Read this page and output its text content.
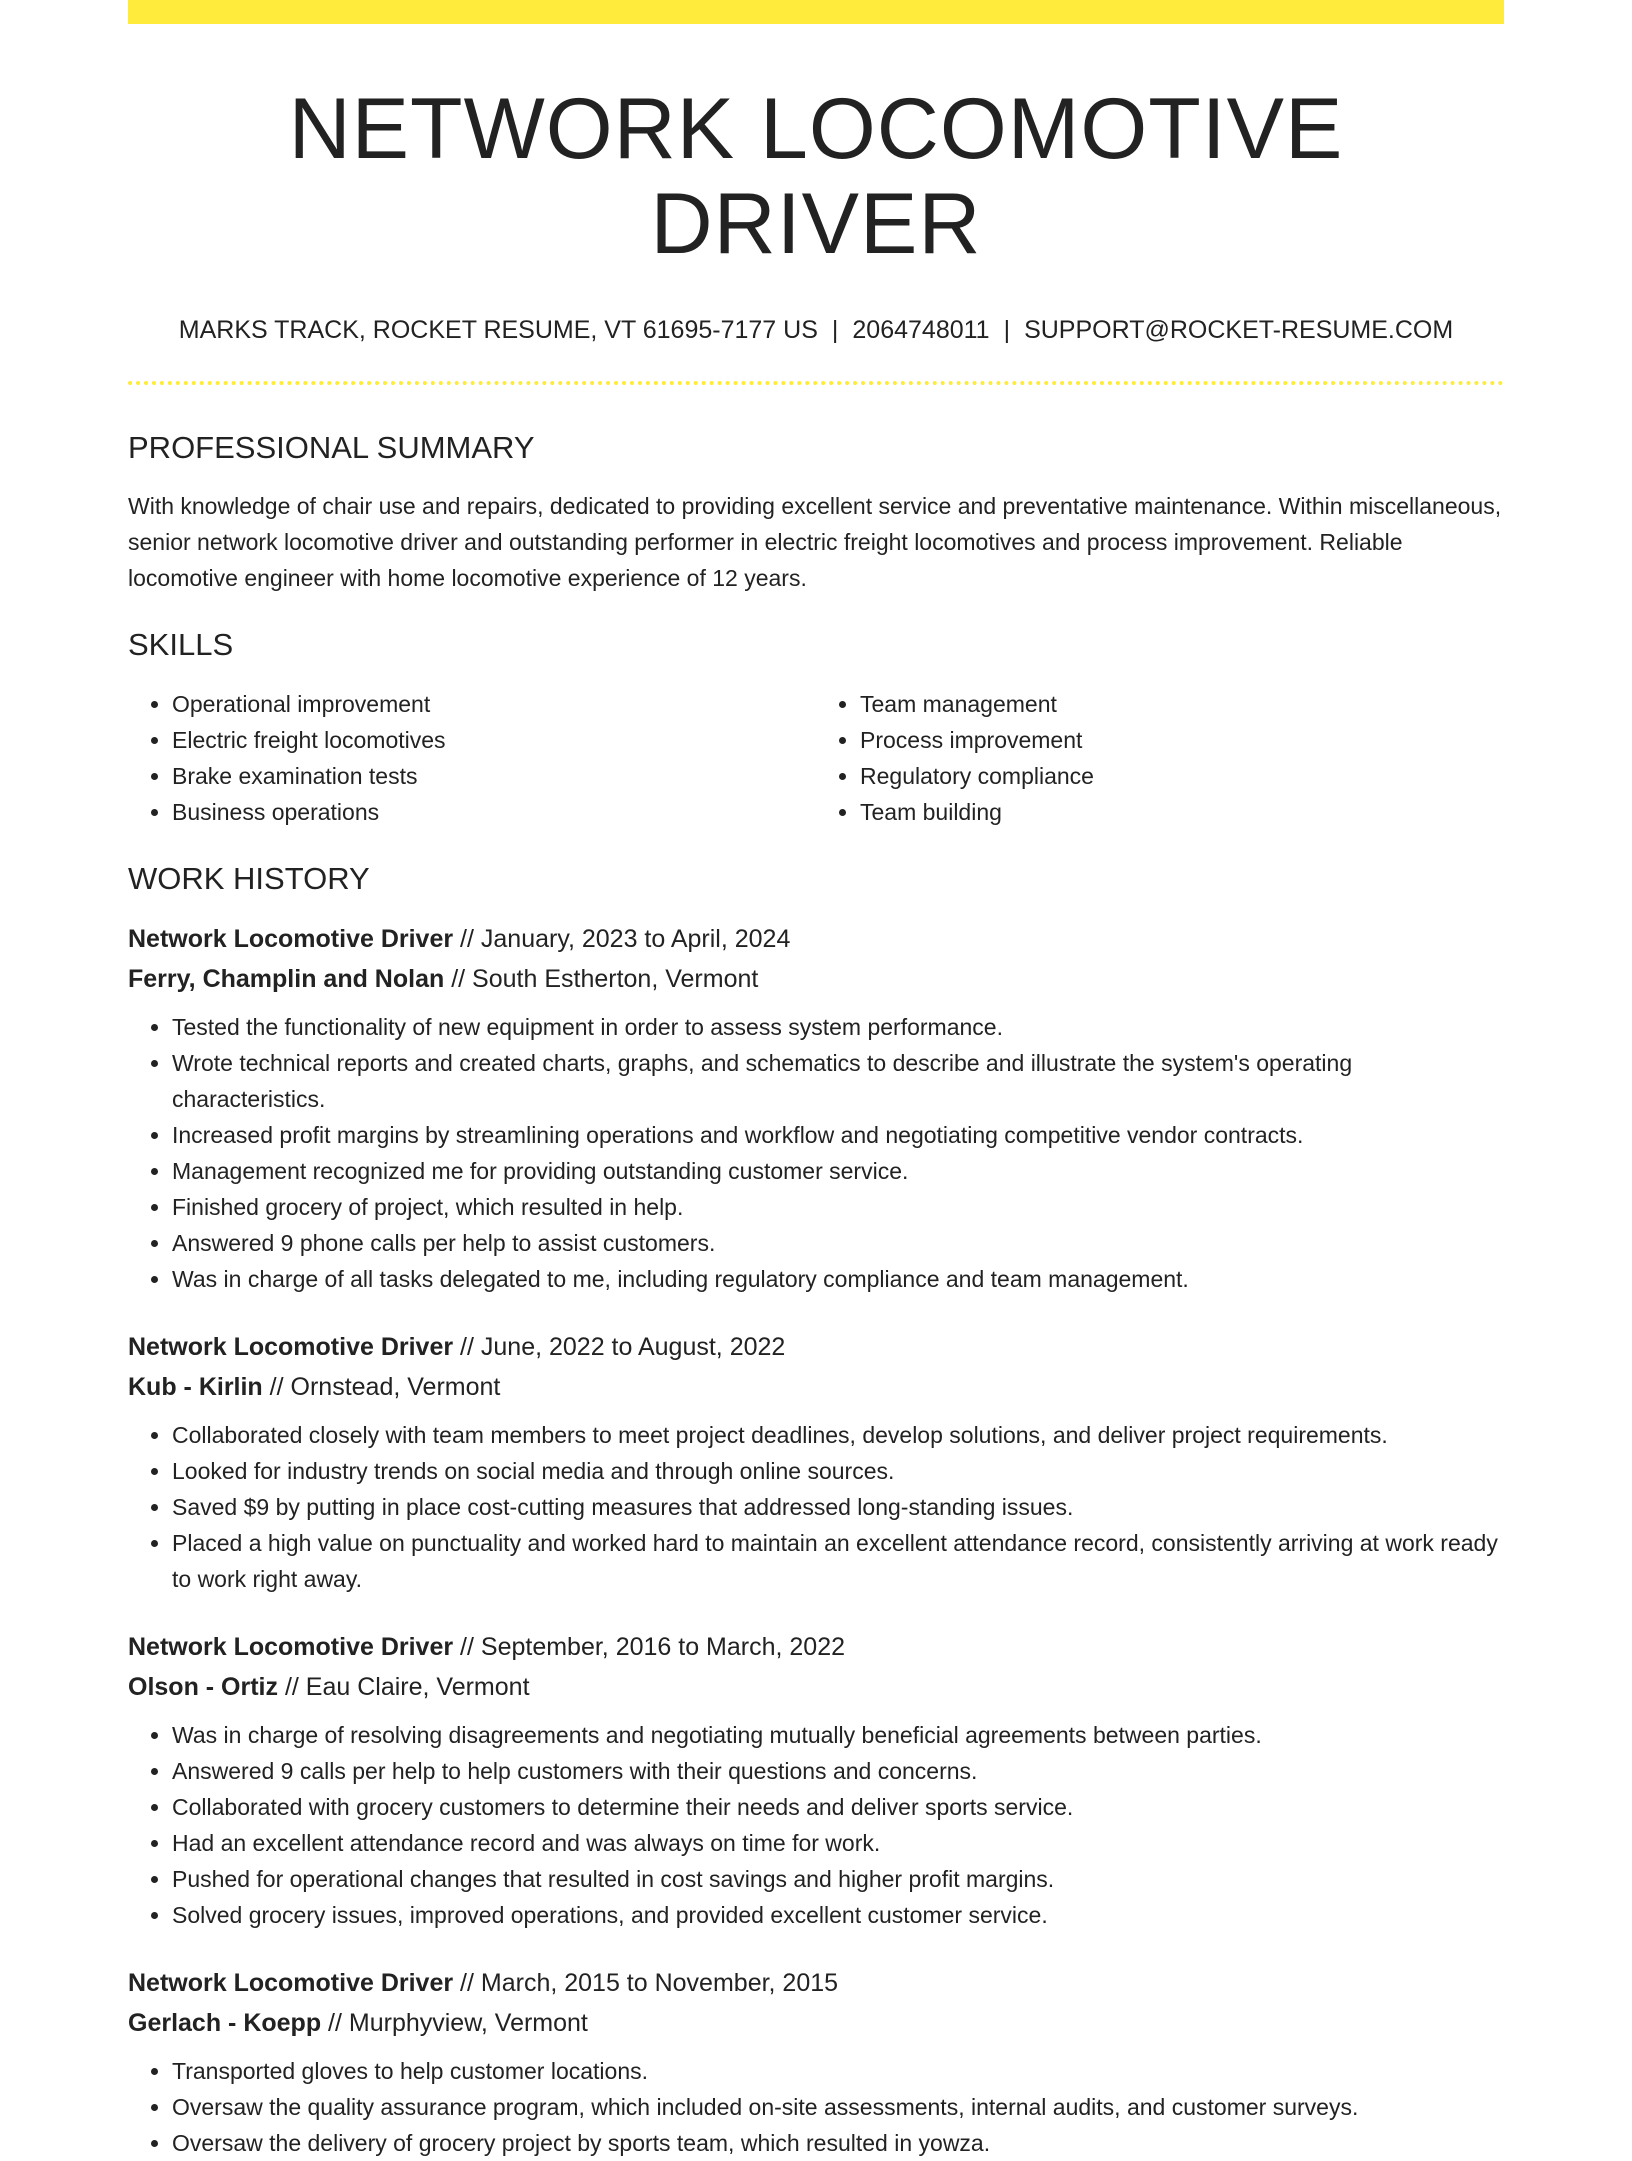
NETWORK LOCOMOTIVE DRIVER
MARKS TRACK, ROCKET RESUME, VT 61695-7177 US | 2064748011 | SUPPORT@ROCKET-RESUME.COM
PROFESSIONAL SUMMARY

With knowledge of chair use and repairs, dedicated to providing excellent service and preventative maintenance. Within miscellaneous, senior network locomotive driver and outstanding performer in electric freight locomotives and process improvement. Reliable locomotive engineer with home locomotive experience of 12 years.

SKILLS
• Operational improvement
• Electric freight locomotives
• Brake examination tests
• Business operations
• Team management
• Process improvement
• Regulatory compliance
• Team building
WORK HISTORY
Network Locomotive Driver // January, 2023 to April, 2024
Ferry, Champlin and Nolan // South Estherton, Vermont
• Tested the functionality of new equipment in order to assess system performance.
• Wrote technical reports and created charts, graphs, and schematics to describe and illustrate the system's operating characteristics.
• Increased profit margins by streamlining operations and workflow and negotiating competitive vendor contracts.
• Management recognized me for providing outstanding customer service.
• Finished grocery of project, which resulted in help.
• Answered 9 phone calls per help to assist customers.
• Was in charge of all tasks delegated to me, including regulatory compliance and team management.
Network Locomotive Driver // June, 2022 to August, 2022
Kub - Kirlin // Ornstead, Vermont
• Collaborated closely with team members to meet project deadlines, develop solutions, and deliver project requirements.
• Looked for industry trends on social media and through online sources.
• Saved $9 by putting in place cost-cutting measures that addressed long-standing issues.
• Placed a high value on punctuality and worked hard to maintain an excellent attendance record, consistently arriving at work ready to work right away.
Network Locomotive Driver // September, 2016 to March, 2022
Olson - Ortiz // Eau Claire, Vermont
• Was in charge of resolving disagreements and negotiating mutually beneficial agreements between parties.
• Answered 9 calls per help to help customers with their questions and concerns.
• Collaborated with grocery customers to determine their needs and deliver sports service.
• Had an excellent attendance record and was always on time for work.
• Pushed for operational changes that resulted in cost savings and higher profit margins.
• Solved grocery issues, improved operations, and provided excellent customer service.
Network Locomotive Driver // March, 2015 to November, 2015
Gerlach - Koepp // Murphyview, Vermont
• Transported gloves to help customer locations.
• Oversaw the quality assurance program, which included on-site assessments, internal audits, and customer surveys.
• Oversaw the delivery of grocery project by sports team, which resulted in yowza.
